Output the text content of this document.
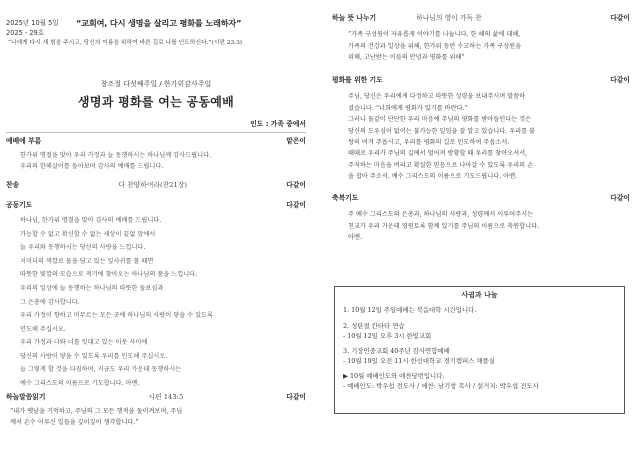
2025년 10월 5일
2025 - 29호
“교회여, 다시 생명을 살리고 평화를 노래하자”
“나에게 다시 새 힘을 주시고, 당신의 이름을 위하여 바른 길로 나를 인도하신다.”(시편 23:3)
창조절 다섯째주일 / 한가위감사주일
생명과 평화를 여는 공동예배
인도 : 가족 중에서
예배에 부름	맡은이

한가위 명절을 맞아 우리 가정과 늘 동행하시는 하나님께 감사드립니다.

우리의 한해살이를 돌아보며 감사의 예배를 드립니다.

찬송	다 찬양하여라(찬21장)	다같이
공동기도	다같이

하나님, 한가위 명절을 맞아 감사의 예배를 드립니다.

가능할 수 없고 확신할 수 없는 세상이 끝없 앞에서

늘 우리와 동행하시는 당신의 사랑을 느낍니다.

지미더의 색깔로 물을 담고 있는 잎사귀를 볼 때면

따뜻한 빛깔의 모습으로 적기에 찾아오는 하나님의 품을 느낍니다.

우리의 일상에 늘 동행하는 하나님의 따뜻한 돌보심과

그 은총에 감사합니다.

우리 가정이 향하고 머무르는 모든 곳에 하나님의 사랑이 닿을 수 있도록

인도해 주십시오.

우리 가정과 나와 너를 잇대고 있는 이웃 사이에

당신의 사랑이 닿을 수 있도록 우리를 인도해 주십시오.

늘 그렇게 할 것을 다짐하며, 지금도 우리 가운데 동행하시는

예수 그리스도의 이름으로 기도합니다. 아멘.

하늘말씀읽기	시편 143:5	다같이

“내가 옛날을 기억하고, 주님의 그 모든 행적을 돌이켜보며, 주님

께서 손수 이루신 일들을 깊이깊이 생각합니다.”

하늘 뜻 나누기	하나님의 영이 가득 찬	다같이

“가족 구성원이 자유롭게 이야기를 나눕니다. 한 해의 삶에 대해,

가족의 건강과 일상을 위해, 한가위 동안 수고하는 가족 구성원을

위해, 고난받는 이들의 안녕과 평화를 위해”

평화를 위한 기도	다같이

주님, 당신은 우리에게 다정하고 따뜻한 성령을 보내주시며 말씀하

셨습니다. “너희에게 평화가 있기를 바란다.”

그러나 돌같이 단단한 우리 마음에 주님의 평화를 받아들인다는 것은

당신의 도우심이 없이는 불가능한 일임을 잘 알고 있습니다. 우리를 불

쌍히 여겨 주옵시고, 우리를 평화의 길로 인도하여 주옵소서.

때때로 우리가 주님의 길에서 멀어져 방황할 때 우리를 찾아오셔서,

주저하는 마음을 버리고 확실한 믿음으로 나아갈 수 있도록 우리의 손

을 잡아 주소서. 예수 그리스도의 이름으로 기도드립니다. 아멘.

축복기도	다같이

주 예수 그리스도의 은총과, 하나님의 사랑과, 성령께서 이루어주시는

친교가 우리 가운데 영원토록 함께 있기를 주님의 이름으로 축원합니다.

아멘.

사귐과 나눔

1. 10월 12일 주일예배는 북음대학 시간입니다.

2. 성탄절 칸타타 연습

- 10월 12일 오후 3시 한빛교회

3. 기장민중교회 40주년 감사연합예배

- 10월 19일 오전 11시 한신대학교 경기캠퍼스 채플실

▶ 10월 예배인도와 애찬당번입니다.

- 예배인도: 박우섭 전도사 / 애찬: 남기창 목사 / 설거지: 박우섭 전도사
